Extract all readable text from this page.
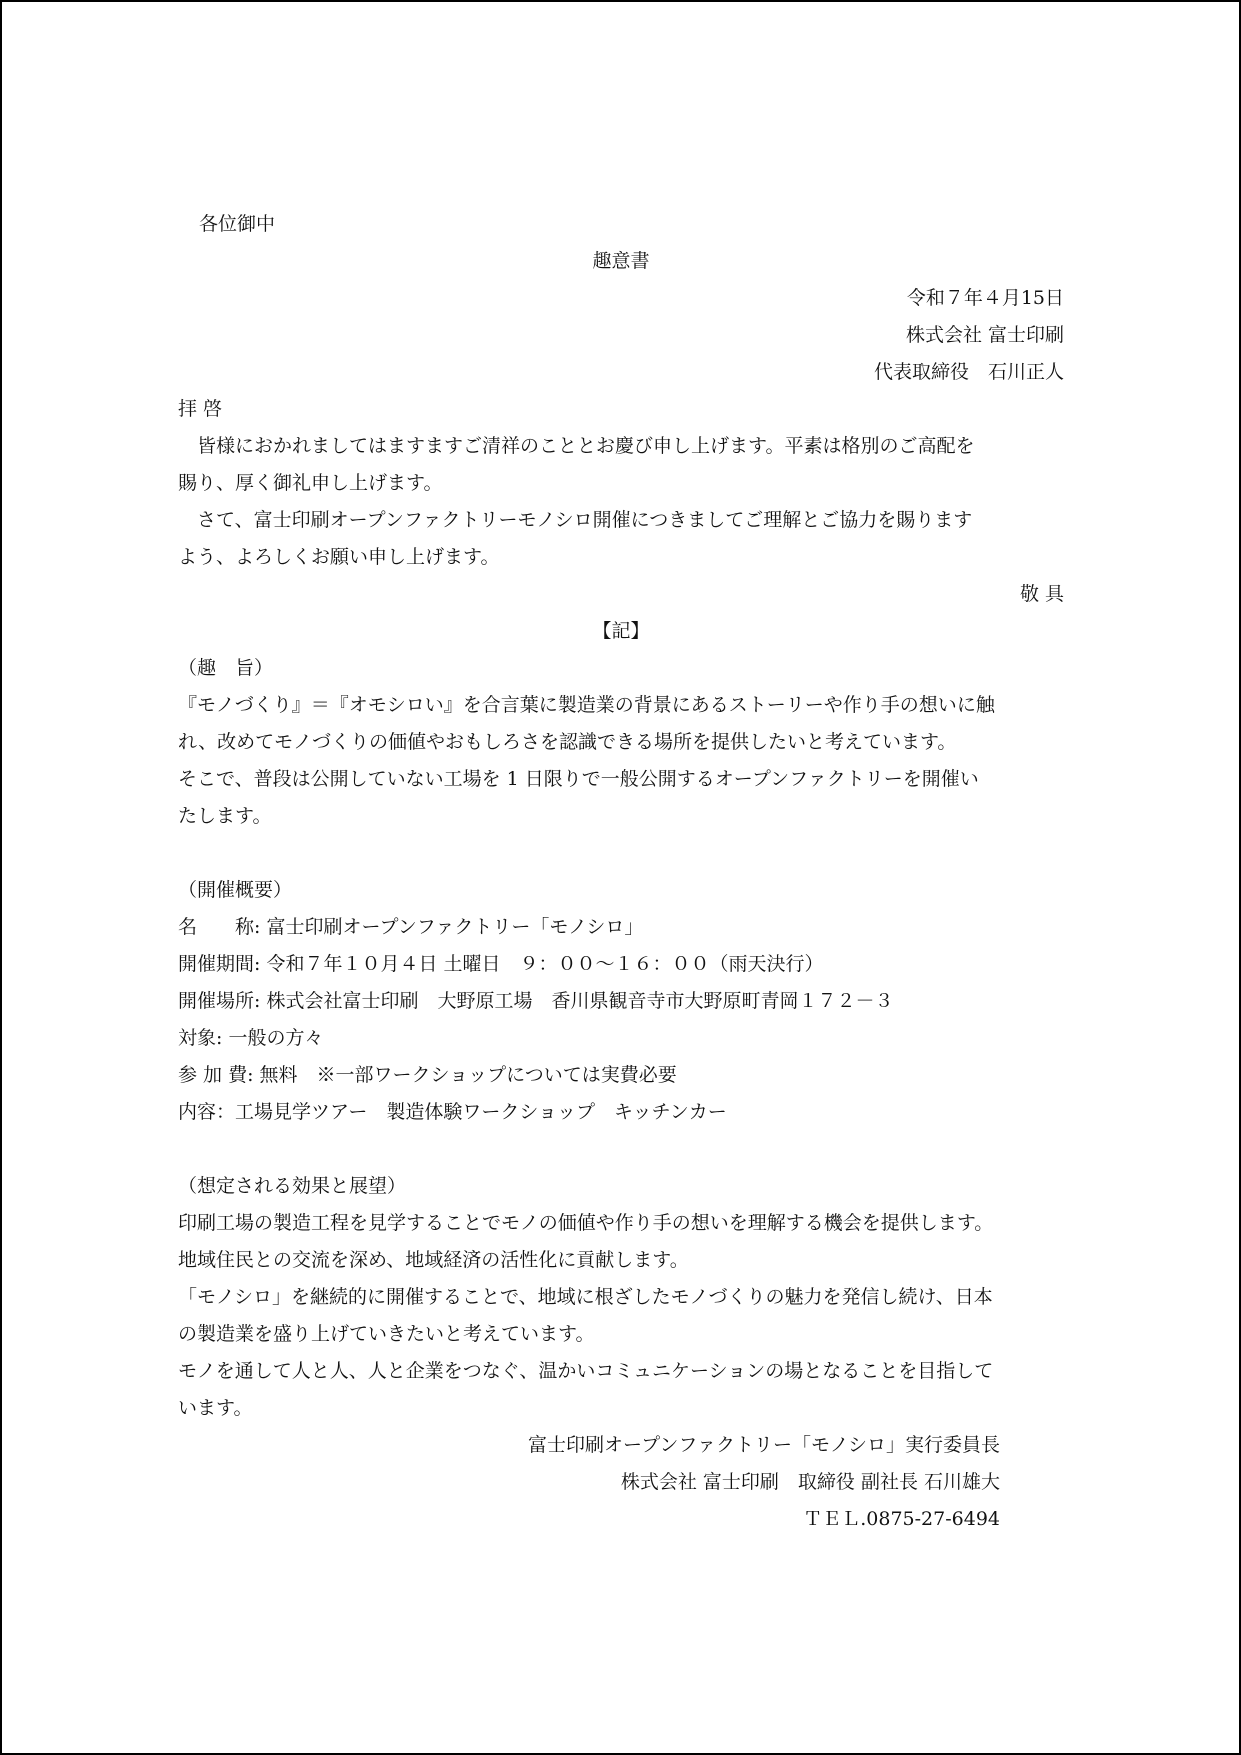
各位御中
趣意書
令和７年４月15日
株式会社 富士印刷
代表取締役　石川正人
拝 啓
　皆様におかれましてはますますご清祥のこととお慶び申し上げます。平素は格別のご高配を
賜り、厚く御礼申し上げます。
　さて、富士印刷オープンファクトリーモノシロ開催につきましてご理解とご協力を賜ります
よう、よろしくお願い申し上げます。
敬 具
【記】
（趣　旨）
『モノづくり』＝『オモシロい』を合言葉に製造業の背景にあるストーリーや作り手の想いに触
れ、改めてモノづくりの価値やおもしろさを認識できる場所を提供したいと考えています。
そこで、普段は公開していない工場を 1 日限りで一般公開するオープンファクトリーを開催い
たします。
（開催概要）
名　　称: 富士印刷オープンファクトリー「モノシロ」
開催期間: 令和７年１０月４日 土曜日　９：００～１６：００（雨天決行）
開催場所: 株式会社富士印刷　大野原工場　香川県観音寺市大野原町青岡１７２－３
対象: 一般の方々
参 加 費: 無料　※一部ワークショップについては実費必要
内容：工場見学ツアー　製造体験ワークショップ　キッチンカー
（想定される効果と展望）
印刷工場の製造工程を見学することでモノの価値や作り手の想いを理解する機会を提供します。
地域住民との交流を深め、地域経済の活性化に貢献します。
「モノシロ」を継続的に開催することで、地域に根ざしたモノづくりの魅力を発信し続け、日本
の製造業を盛り上げていきたいと考えています。
モノを通して人と人、人と企業をつなぐ、温かいコミュニケーションの場となることを目指して
います。
富士印刷オープンファクトリー「モノシロ」実行委員長
株式会社 富士印刷　取締役 副社長 石川雄大
ＴＥＬ.0875-27-6494
